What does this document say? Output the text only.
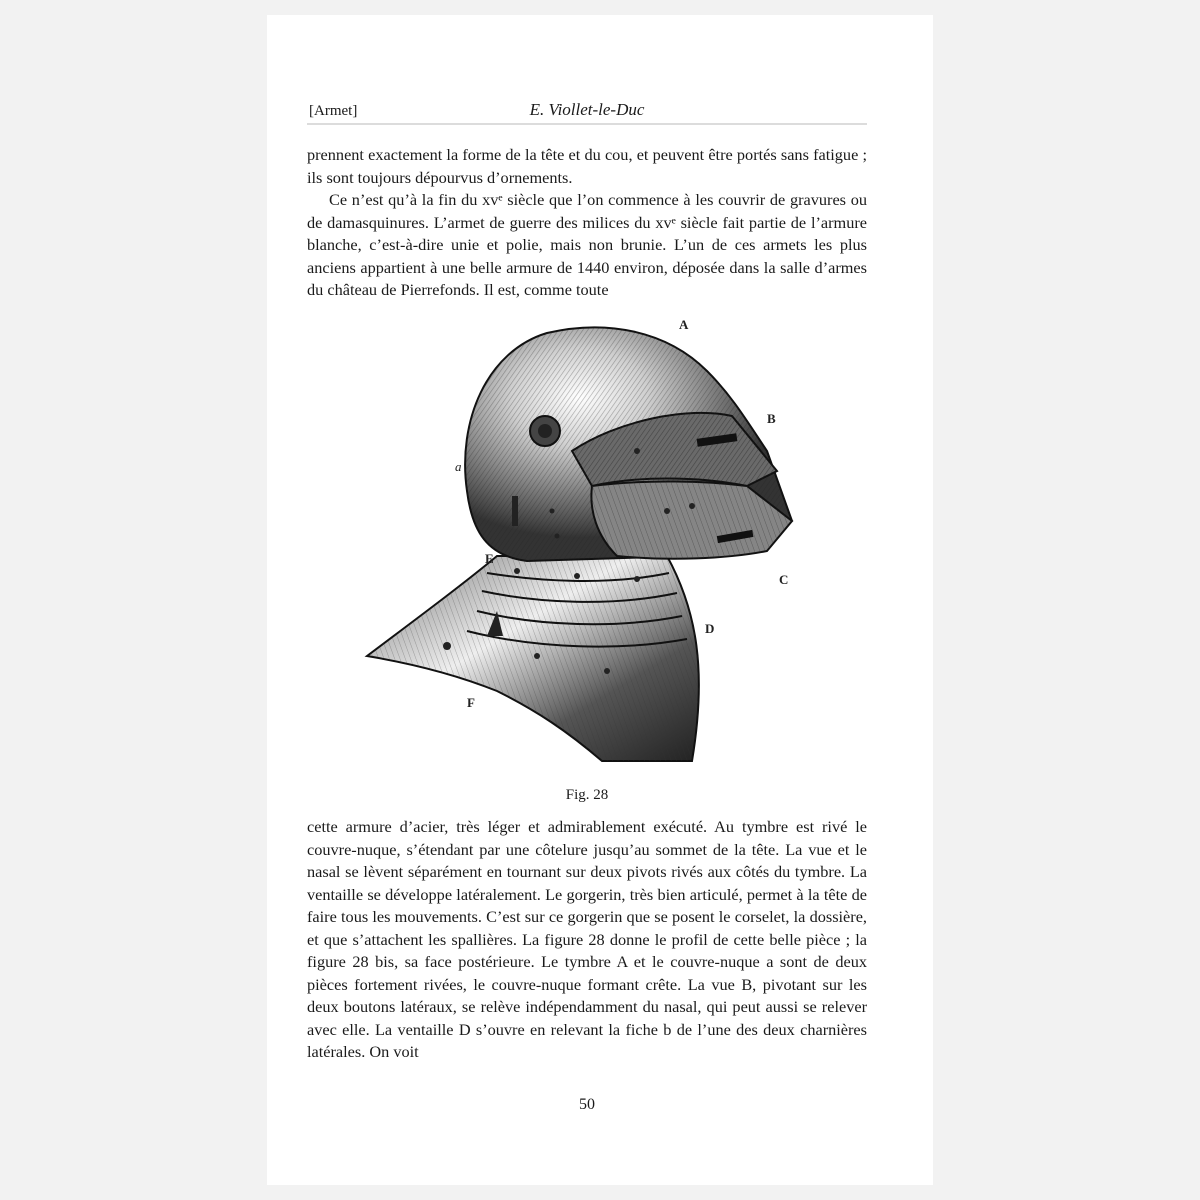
[Armet]	E. Viollet-le-Duc

prennent exactement la forme de la tête et du cou, et peuvent être portés sans fatigue ; ils sont toujours dépourvus d’ornements.

Ce n’est qu’à la fin du xvᵉ siècle que l’on commence à les couvrir de gravures ou de damasquinures. L’armet de guerre des milices du xvᵉ siècle fait partie de l’armure blanche, c’est-à-dire unie et polie, mais non brunie. L’un de ces armets les plus anciens appartient à une belle armure de 1440 environ, déposée dans la salle d’armes du château de Pierrefonds. Il est, comme toute

A
B
a
E
C
D
F
Fig. 28

cette armure d’acier, très léger et admirablement exécuté. Au tymbre est rivé le couvre-nuque, s’étendant par une côtelure jusqu’au sommet de la tête. La vue et le nasal se lèvent séparément en tournant sur deux pivots rivés aux côtés du tymbre. La ventaille se développe latéralement. Le gorgerin, très bien articulé, permet à la tête de faire tous les mouvements. C’est sur ce gorgerin que se posent le corselet, la dossière, et que s’attachent les spallières. La figure 28 donne le profil de cette belle pièce ; la figure 28 bis, sa face postérieure. Le tymbre A et le couvre-nuque a sont de deux pièces fortement rivées, le couvre-nuque formant crête. La vue B, pivotant sur les deux boutons latéraux, se relève indépendamment du nasal, qui peut aussi se relever avec elle. La ventaille D s’ouvre en relevant la fiche b de l’une des deux charnières latérales. On voit

50
